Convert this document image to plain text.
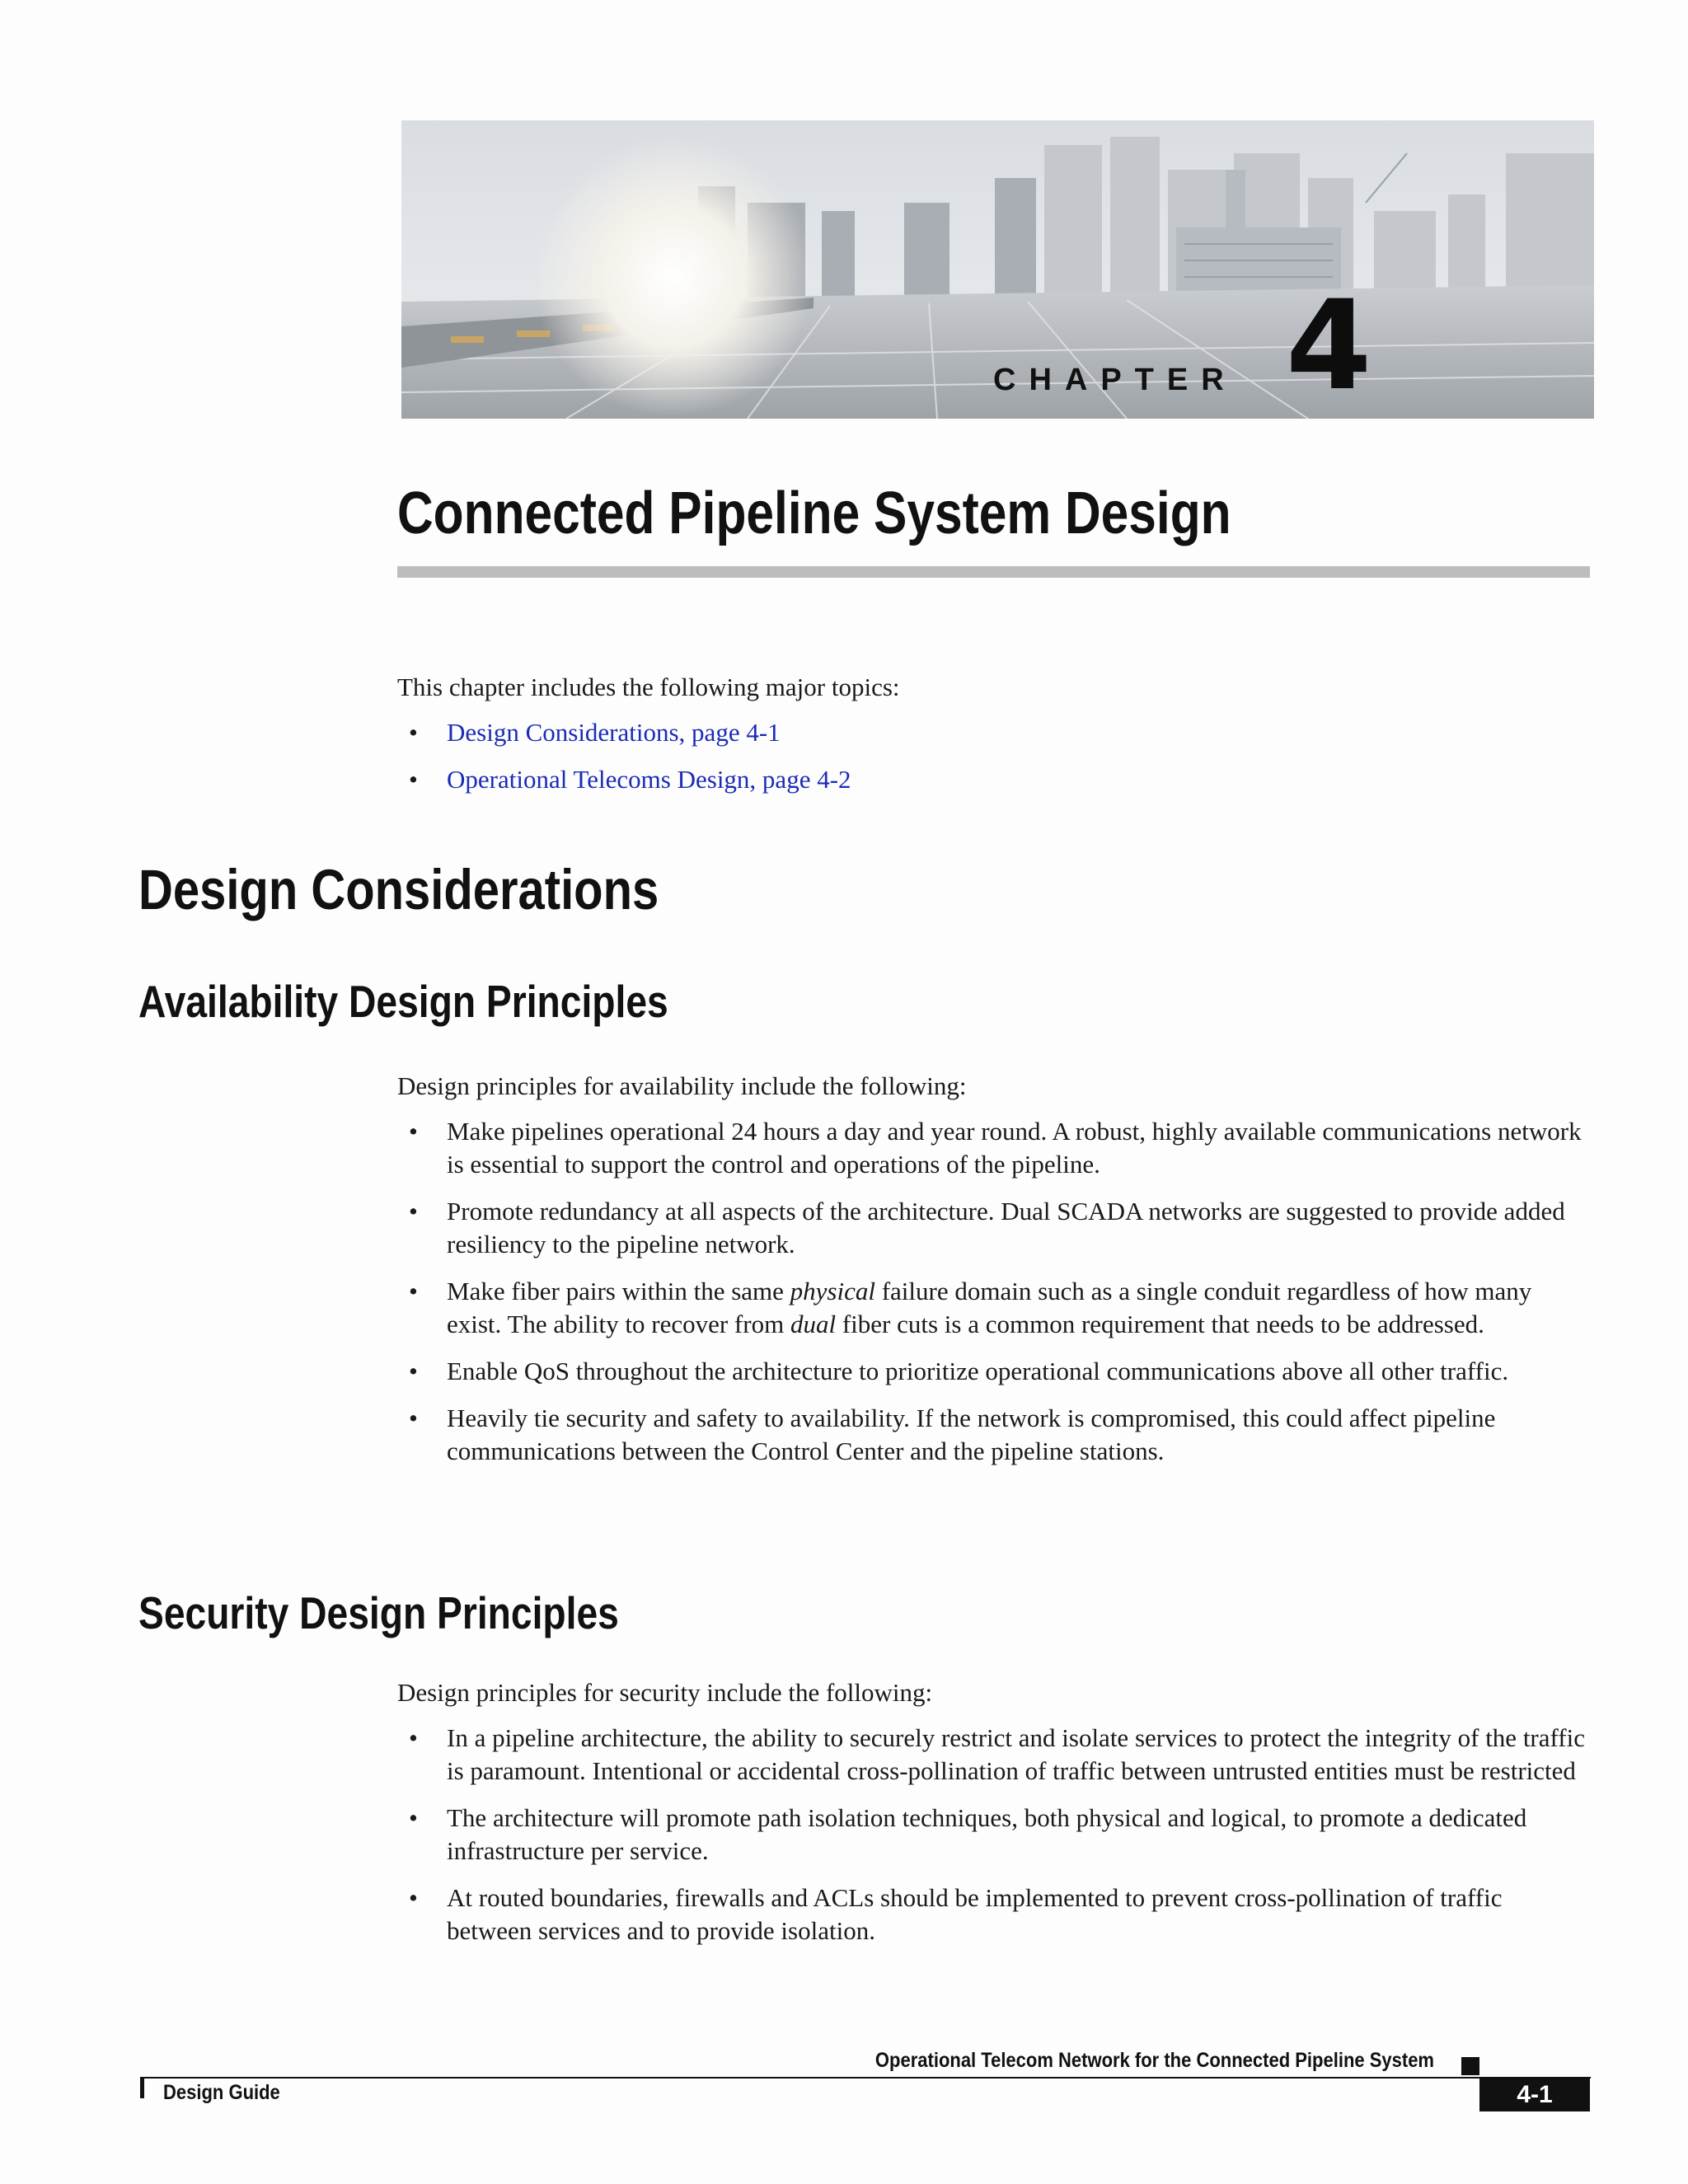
CHAPTER 4
Connected Pipeline System Design
This chapter includes the following major topics:
•	Design Considerations, page 4-1
•	Operational Telecoms Design, page 4-2
Design Considerations
Availability Design Principles
Design principles for availability include the following:
•	Make pipelines operational 24 hours a day and year round. A robust, highly available communications network is essential to support the control and operations of the pipeline.
•	Promote redundancy at all aspects of the architecture. Dual SCADA networks are suggested to provide added resiliency to the pipeline network.
•	Make fiber pairs within the same physical failure domain such as a single conduit regardless of how many exist. The ability to recover from dual fiber cuts is a common requirement that needs to be addressed.
•	Enable QoS throughout the architecture to prioritize operational communications above all other traffic.
•	Heavily tie security and safety to availability. If the network is compromised, this could affect pipeline communications between the Control Center and the pipeline stations.
Security Design Principles
Design principles for security include the following:
•	In a pipeline architecture, the ability to securely restrict and isolate services to protect the integrity of the traffic is paramount. Intentional or accidental cross-pollination of traffic between untrusted entities must be restricted
•	The architecture will promote path isolation techniques, both physical and logical, to promote a dedicated infrastructure per service.
•	At routed boundaries, firewalls and ACLs should be implemented to prevent cross-pollination of traffic between services and to provide isolation.
Operational Telecom Network for the Connected Pipeline System
Design Guide	4-1
